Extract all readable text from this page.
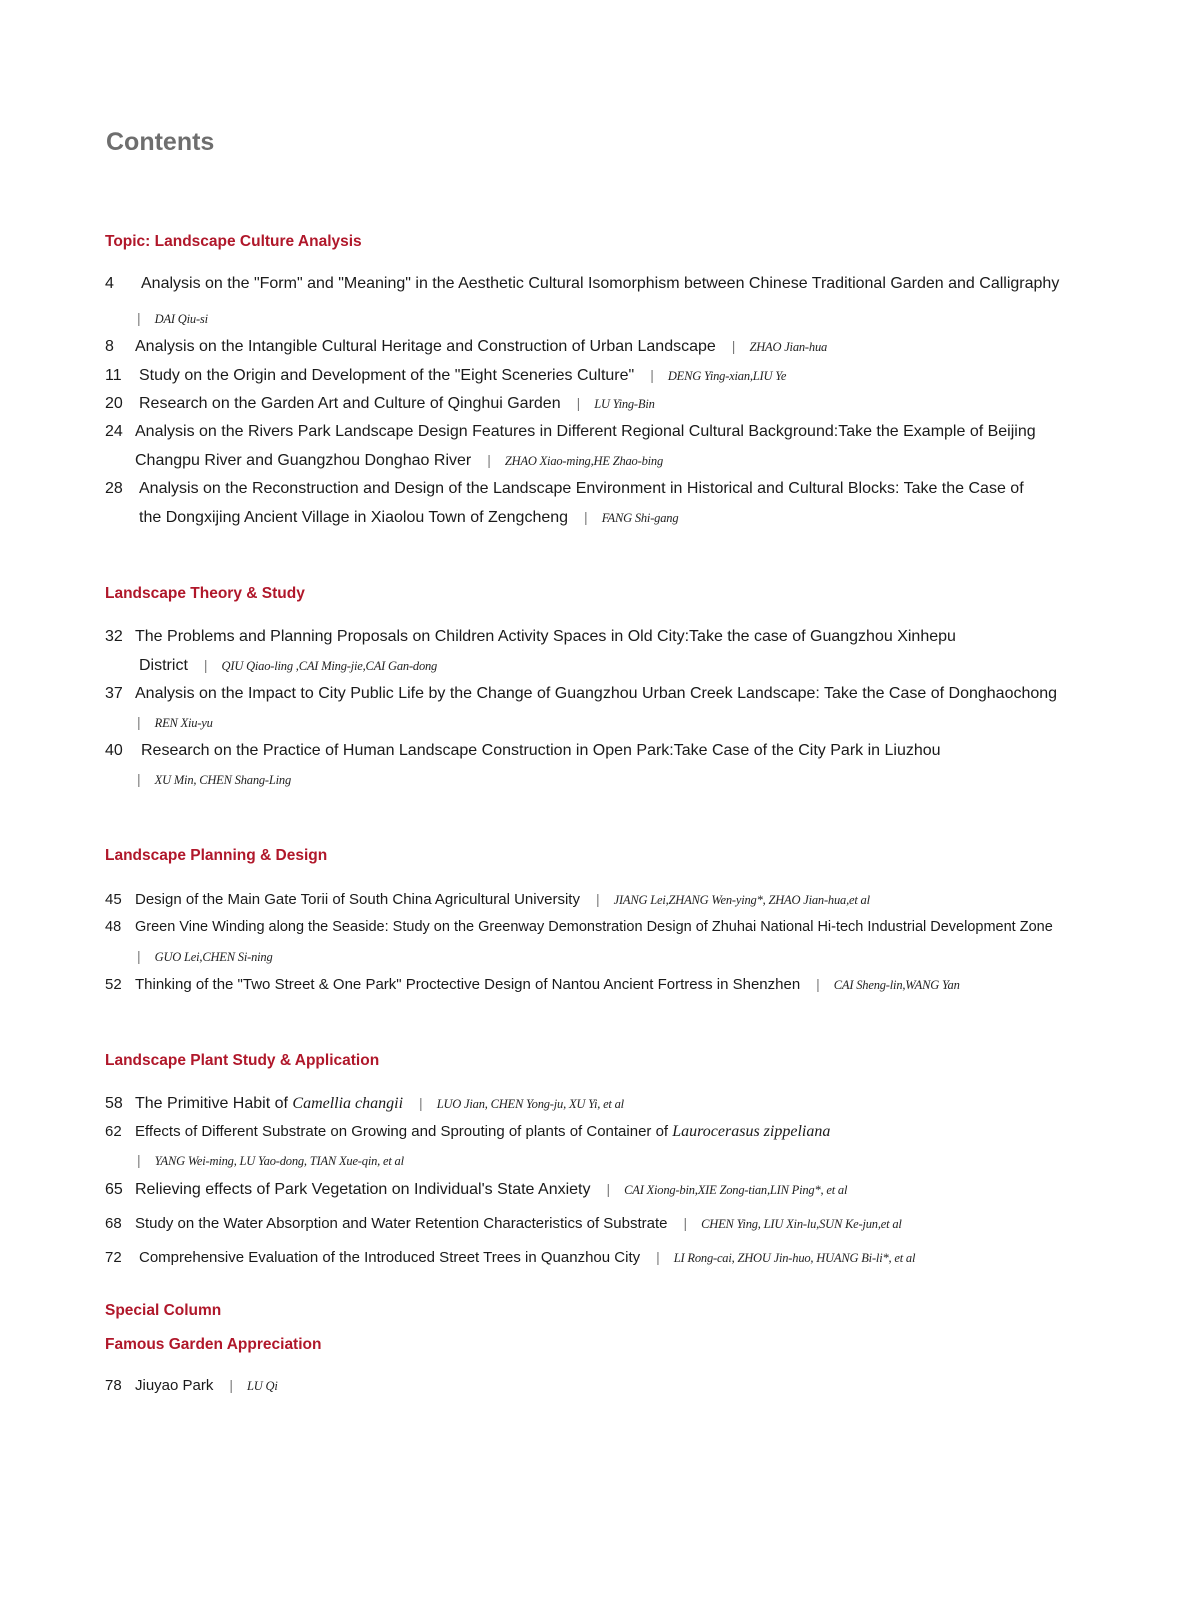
Contents
Topic: Landscape Culture Analysis
4 Analysis on the "Form" and "Meaning" in the Aesthetic Cultural Isomorphism between Chinese Traditional Garden and Calligraphy
| DAI Qiu-si
8 Analysis on the Intangible Cultural Heritage and Construction of Urban Landscape | ZHAO Jian-hua
11 Study on the Origin and Development of the "Eight Sceneries Culture" | DENG Ying-xian,LIU Ye
20 Research on the Garden Art and Culture of Qinghui Garden | LU Ying-Bin
24 Analysis on the Rivers Park Landscape Design Features in Different Regional Cultural Background:Take the Example of Beijing
Changpu River and Guangzhou Donghao River | ZHAO Xiao-ming,HE Zhao-bing
28 Analysis on the Reconstruction and Design of the Landscape Environment in Historical and Cultural Blocks: Take the Case of
the Dongxijing Ancient Village in Xiaolou Town of Zengcheng | FANG Shi-gang
Landscape Theory & Study
32 The Problems and Planning Proposals on Children Activity Spaces in Old City:Take the case of Guangzhou Xinhepu
District | QIU Qiao-ling ,CAI Ming-jie,CAI Gan-dong
37 Analysis on the Impact to City Public Life by the Change of Guangzhou Urban Creek Landscape: Take the Case of Donghaochong
| REN Xiu-yu
40 Research on the Practice of Human Landscape Construction in Open Park:Take Case of the City Park in Liuzhou
| XU Min, CHEN Shang-Ling
Landscape Planning & Design
45 Design of the Main Gate Torii of South China Agricultural University | JIANG Lei,ZHANG Wen-ying*, ZHAO Jian-hua,et al
48 Green Vine Winding along the Seaside: Study on the Greenway Demonstration Design of Zhuhai National Hi-tech Industrial Development Zone
| GUO Lei,CHEN Si-ning
52 Thinking of the "Two Street & One Park" Proctective Design of Nantou Ancient Fortress in Shenzhen | CAI Sheng-lin,WANG Yan
Landscape Plant Study & Application
58 The Primitive Habit of Camellia changii | LUO Jian, CHEN Yong-ju, XU Yi, et al
62 Effects of Different Substrate on Growing and Sprouting of plants of Container of Laurocerasus zippeliana
| YANG Wei-ming, LU Yao-dong, TIAN Xue-qin, et al
65 Relieving effects of Park Vegetation on Individual's State Anxiety | CAI Xiong-bin,XIE Zong-tian,LIN Ping*, et al
68 Study on the Water Absorption and Water Retention Characteristics of Substrate | CHEN Ying, LIU Xin-lu,SUN Ke-jun,et al
72 Comprehensive Evaluation of the Introduced Street Trees in Quanzhou City | LI Rong-cai, ZHOU Jin-huo, HUANG Bi-li*, et al
Special Column
Famous Garden Appreciation
78 Jiuyao Park | LU Qi
